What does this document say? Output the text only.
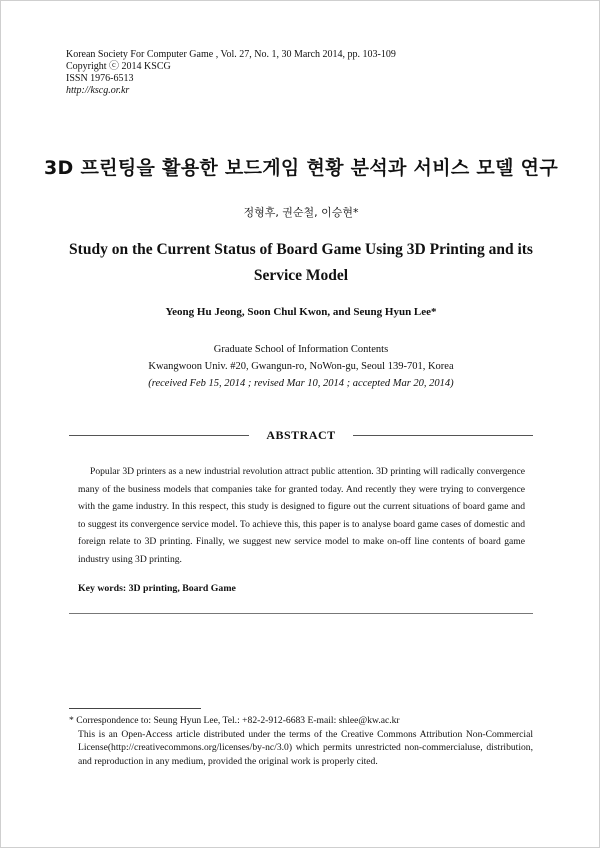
Korean Society For Computer Game , Vol. 27, No. 1, 30 March 2014, pp. 103-109
Copyright ⓒ 2014 KSCG
ISSN 1976-6513
http://kscg.or.kr
3D 프린팅을 활용한 보드게임 현황 분석과 서비스 모델 연구
정형후, 권순철, 이승현*
Study on the Current Status of Board Game Using 3D Printing and its Service Model
Yeong Hu Jeong, Soon Chul Kwon, and Seung Hyun Lee*
Graduate School of Information Contents
Kwangwoon Univ. #20, Gwangun-ro, NoWon-gu, Seoul 139-701, Korea
(received Feb 15, 2014 ; revised Mar 10, 2014 ; accepted Mar 20, 2014)
ABSTRACT
Popular 3D printers as a new industrial revolution attract public attention. 3D printing will radically convergence many of the business models that companies take for granted today. And recently they were trying to convergence with the game industry. In this respect, this study is designed to figure out the current situations of board game and to suggest its convergence service model. To achieve this, this paper is to analyse board game cases of domestic and foreign relate to 3D printing. Finally, we suggest new service model to make on-off line contents of board game industry using 3D printing.
Key words: 3D printing, Board Game
* Correspondence to: Seung Hyun Lee, Tel.: +82-2-912-6683 E-mail: shlee@kw.ac.kr
This is an Open-Access article distributed under the terms of the Creative Commons Attribution Non-Commercial License(http://creativecommons.org/licenses/by-nc/3.0) which permits unrestricted non-commercialuse, distribution, and reproduction in any medium, provided the original work is properly cited.
